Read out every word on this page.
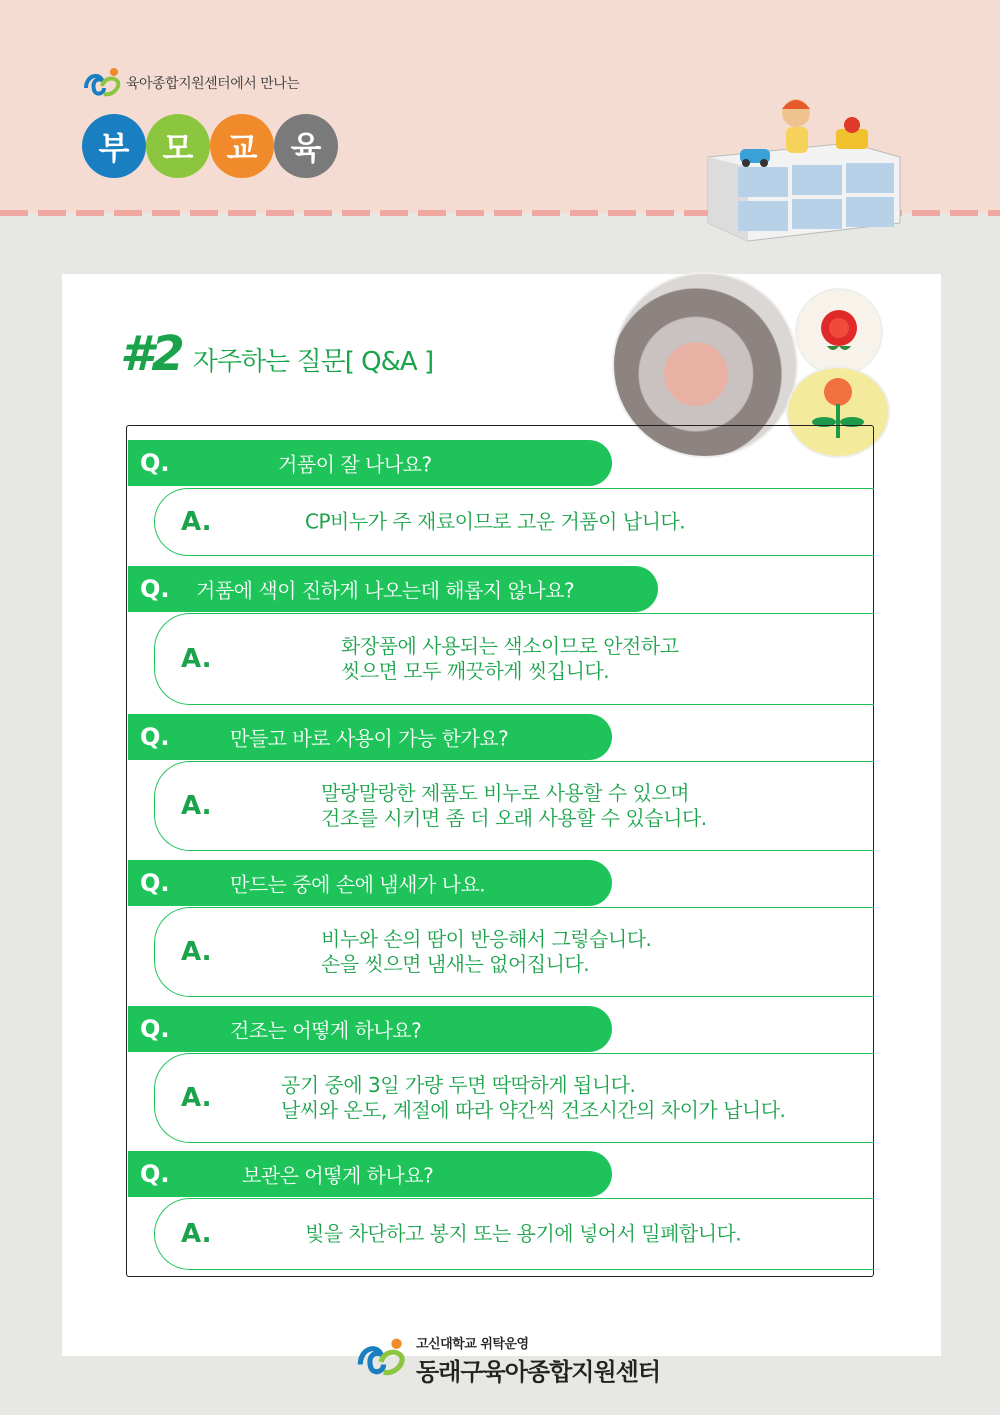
육아종합지원센터에서 만나는
부	모	교	육
#2 자주하는 질문[ Q&A ]
Q.	거품이 잘 나나요?
A.	CP비누가 주 재료이므로 고운 거품이 납니다.
Q. 거품에 색이 진하게 나오는데 해롭지 않나요?
A.	화장품에 사용되는 색소이므로 안전하고
씻으면 모두 깨끗하게 씻깁니다.
Q.	만들고 바로 사용이 가능 한가요?
A.	말랑말랑한 제품도 비누로 사용할 수 있으며
건조를 시키면 좀 더 오래 사용할 수 있습니다.
Q.	만드는 중에 손에 냄새가 나요.
A.	비누와 손의 땀이 반응해서 그렇습니다.
손을 씻으면 냄새는 없어집니다.
Q.	건조는 어떻게 하나요?
A.	공기 중에 3일 가량 두면 딱딱하게 됩니다.
날씨와 온도, 계절에 따라 약간씩 건조시간의 차이가 납니다.
Q.	보관은 어떻게 하나요?
A.	빛을 차단하고 봉지 또는 용기에 넣어서 밀폐합니다.
고신대학교 위탁운영
동래구육아종합지원센터
